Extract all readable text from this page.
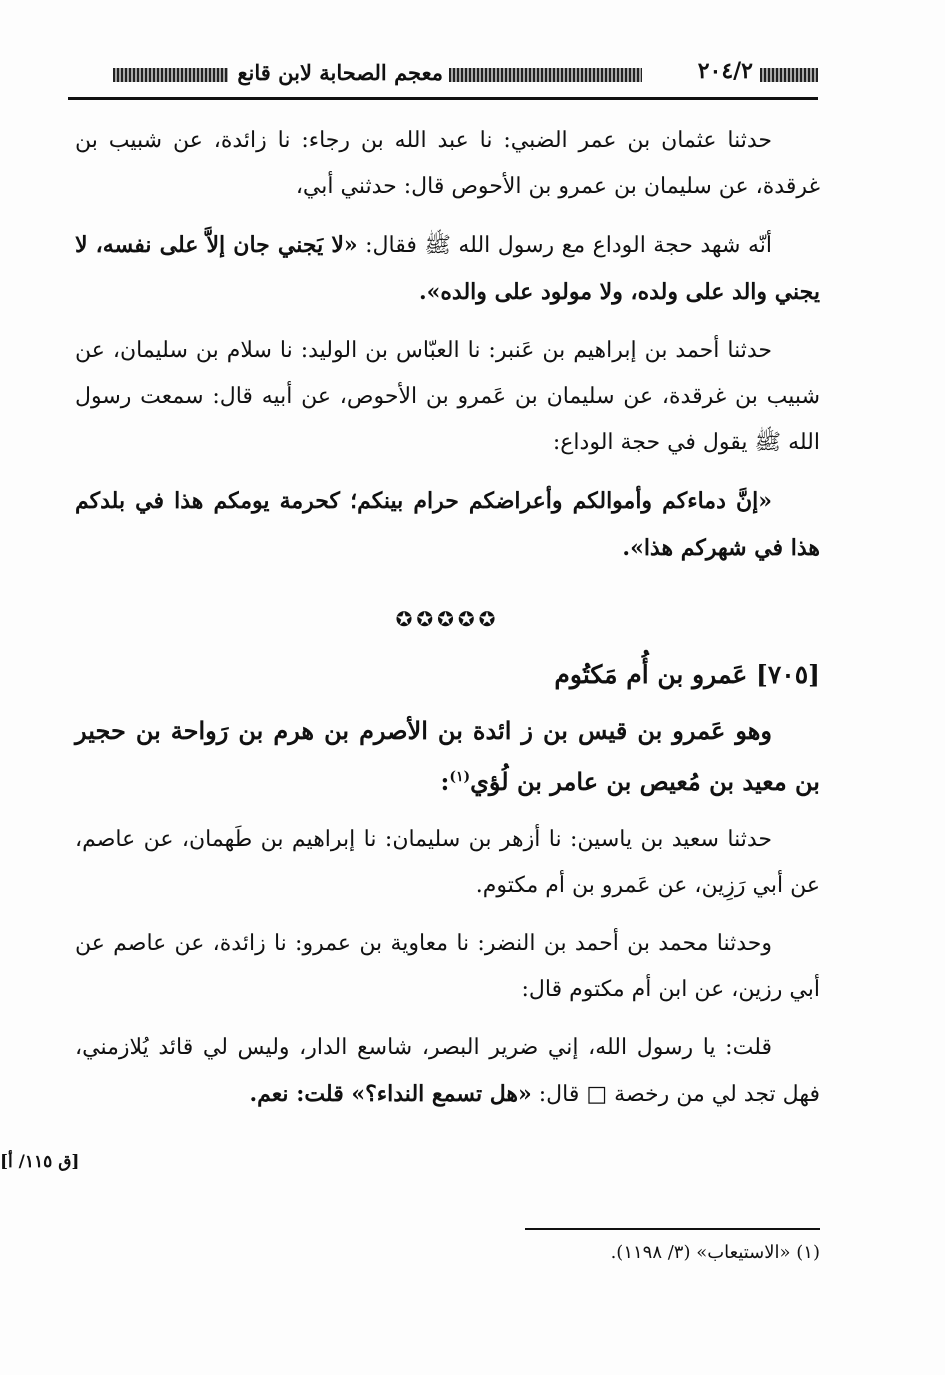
٢٠٤/٢
معجم الصحابة لابن قانع

حدثنا عثمان بن عمر الضبي: نا عبد الله بن رجاء: نا زائدة، عن شبيب بن غرقدة، عن سليمان بن عمرو بن الأحوص قال: حدثني أبي،

أنّه شهد حجة الوداع مع رسول الله ﷺ فقال: «لا يَجني جان إلاَّ على نفسه، لا يجني والد على ولده، ولا مولود على والده».

حدثنا أحمد بن إبراهيم بن عَنبر: نا العبّاس بن الوليد: نا سلام بن سليمان، عن شبيب بن غرقدة، عن سليمان بن عَمرو بن الأحوص، عن أبيه قال: سمعت رسول الله ﷺ يقول في حجة الوداع:

«إنَّ دماءكم وأموالكم وأعراضكم حرام بينكم؛ كحرمة يومكم هذا في بلدكم هذا في شهركم هذا».

✪✪✪✪✪

[٧٠٥] عَمرو بن أُم مَكتُوم

وهو عَمرو بن قيس بن ز ائدة بن الأصرم بن هرم بن رَواحة بن حجير بن معيد بن مُعيص بن عامر بن لُؤي$^{(١)}$:

حدثنا سعيد بن ياسين: نا أزهر بن سليمان: نا إبراهيم بن طَهمان، عن عاصم، عن أبي رَزِين، عن عَمرو بن أم مكتوم.

وحدثنا محمد بن أحمد بن النضر: نا معاوية بن عمرو: نا زائدة، عن عاصم عن أبي رزين، عن ابن أم مكتوم قال:

قلت: يا رسول الله، إني ضرير البصر، شاسع الدار، وليس لي قائد يُلازمني، فهل تجد لي من رخصة □ قال: «هل تسمع النداء؟» قلت: نعم.

[ق ١١٥/ أ]
(١) «الاستيعاب» (٣/ ١١٩٨).
